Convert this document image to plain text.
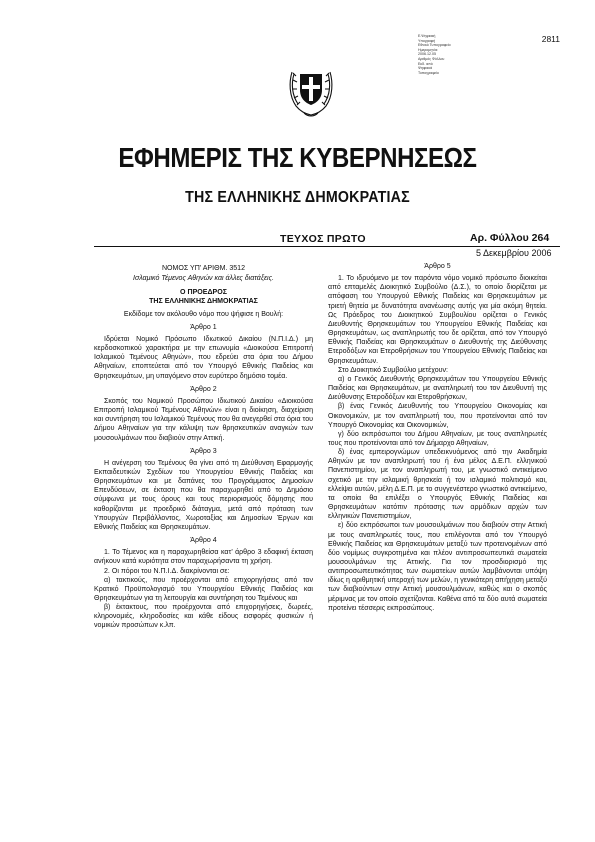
Ε.Ψηφιακή
Υπογραφή
Εθνικό Τυπογραφείο
Ημερομηνία:
2006.12.05
Αριθμός Φύλλου
Εκδ. από
Ψηφιακά
Τυπογραφείο
2811
ΕΦΗΜΕΡΙΣ ΤΗΣ ΚΥΒΕΡΝΗΣΕΩΣ
ΤΗΣ ΕΛΛΗΝΙΚΗΣ ΔΗΜΟΚΡΑΤΙΑΣ
ΤΕΥΧΟΣ ΠΡΩΤΟ	Αρ. Φύλλου 264
5 Δεκεμβρίου 2006

ΝΟΜΟΣ ΥΠ’ ΑΡΙΘΜ. 3512

Ισλαμικό Τέμενος Αθηνών και άλλες διατάξεις.

Ο ΠΡΟΕΔΡΟΣ

ΤΗΣ ΕΛΛΗΝΙΚΗΣ ΔΗΜΟΚΡΑΤΙΑΣ

Εκδίδομε τον ακόλουθο νόμο που ψήφισε η Βουλή:

Άρθρο 1

Ιδρύεται Νομικό Πρόσωπο Ιδιωτικού Δικαίου (Ν.Π.Ι.Δ.) μη κερδοσκοπικού χαρακτήρα με την επωνυμία «Διοικούσα Επιτροπή Ισλαμικού Τεμένους Αθηνών», που εδρεύει στα όρια του Δήμου Αθηναίων, εποπτεύεται από τον Υπουργό Εθνικής Παιδείας και Θρησκευμάτων, μη υπαγόμενο στον ευρύτερο δημόσιο τομέα.

Άρθρο 2

Σκοπός του Νομικού Προσώπου Ιδιωτικού Δικαίου «Διοικούσα Επιτροπή Ισλαμικού Τεμένους Αθηνών» είναι η διοίκηση, διαχείριση και συντήρηση του Ισλαμικού Τεμένους που θα ανεγερθεί στα όρια του Δήμου Αθηναίων για την κάλυψη των θρησκευτικών αναγκών των μουσουλμάνων που διαβιούν στην Αττική.

Άρθρο 3

Η ανέγερση του Τεμένους θα γίνει από τη Διεύθυνση Εφαρμογής Εκπαιδευτικών Σχεδίων του Υπουργείου Εθνικής Παιδείας και Θρησκευμάτων και με δαπάνες του Προγράμματος Δημοσίων Επενδύσεων, σε έκταση που θα παραχωρηθεί από το Δημόσιο σύμφωνα με τους όρους και τους περιορισμούς δόμησης που καθορίζονται με προεδρικό διάταγμα, μετά από πρόταση των Υπουργών Περιβάλλοντος, Χωροταξίας και Δημοσίων Έργων και Εθνικής Παιδείας και Θρησκευμάτων.

Άρθρο 4

1. Το Τέμενος και η παραχωρηθείσα κατ’ άρθρο 3 εδαφική έκταση ανήκουν κατά κυριότητα στον παραχωρήσαντα τη χρήση.

2. Οι πόροι του Ν.Π.Ι.Δ. διακρίνονται σε:

α) τακτικούς, που προέρχονται από επιχορηγήσεις από τον Κρατικό Προϋπολογισμό του Υπουργείου Εθνικής Παιδείας και Θρησκευμάτων για τη λειτουργία και συντήρηση του Τεμένους και

β) έκτακτους, που προέρχονται από επιχορηγήσεις, δωρεές, κληρονομιές, κληροδοσίες και κάθε είδους εισφορές φυσικών ή νομικών προσώπων κ.λπ.

Άρθρο 5

1. Το ιδρυόμενο με τον παρόντα νόμο νομικό πρόσωπο διοικείται από επταμελές Διοικητικό Συμβούλιο (Δ.Σ.), το οποίο διορίζεται με απόφαση του Υπουργού Εθνικής Παιδείας και Θρησκευμάτων με τριετή θητεία με δυνατότητα ανανέωσης αυτής για μία ακόμη θητεία. Ως Πρόεδρος του Διοικητικού Συμβουλίου ορίζεται ο Γενικός Διευθυντής Θρησκευμάτων του Υπουργείου Εθνικής Παιδείας και Θρησκευμάτων, ως αναπληρωτής του δε ορίζεται, από τον Υπουργό Εθνικής Παιδείας και Θρησκευμάτων ο Διευθυντής της Διεύθυνσης Ετεροδόξων και Ετεροθρήσκων του Υπουργείου Εθνικής Παιδείας και Θρησκευμάτων.

Στο Διοικητικό Συμβούλιο μετέχουν:

α) ο Γενικός Διευθυντής Θρησκευμάτων του Υπουργείου Εθνικής Παιδείας και Θρησκευμάτων, με αναπληρωτή του τον Διευθυντή της Διεύθυνσης Ετεροδόξων και Ετεροθρήσκων,

β) ένας Γενικός Διευθυντής του Υπουργείου Οικονομίας και Οικονομικών, με τον αναπληρωτή του, που προτείνονται από τον Υπουργό Οικονομίας και Οικονομικών,

γ) δύο εκπρόσωποι του Δήμου Αθηναίων, με τους αναπληρωτές τους που προτείνονται από τον Δήμαρχο Αθηναίων,

δ) ένας εμπειρογνώμων υπεδεικνυόμενος από την Ακαδημία Αθηνών με τον αναπληρωτή του ή ένα μέλος Δ.Ε.Π. ελληνικού Πανεπιστημίου, με τον αναπληρωτή του, με γνωστικό αντικείμενο σχετικό με την ισλαμική θρησκεία ή τον ισλαμικό πολιτισμό και, ελλείψει αυτών, μέλη Δ.Ε.Π. με το συγγενέστερο γνωστικό αντικείμενο, τα οποία θα επιλέξει ο Υπουργός Εθνικής Παιδείας και Θρησκευμάτων κατόπιν πρότασης των αρμόδιων αρχών των ελληνικών Πανεπιστημίων,

ε) δύο εκπρόσωποι των μουσουλμάνων που διαβιούν στην Αττική με τους αναπληρωτές τους, που επιλέγονται από τον Υπουργό Εθνικής Παιδείας και Θρησκευμάτων μεταξύ των προτεινομένων από δύο νομίμως συγκροτημένα και πλέον αντιπροσωπευτικά σωματεία μουσουλμάνων της Αττικής. Για τον προσδιορισμό της αντιπροσωπευτικότητας των σωματείων αυτών λαμβάνονται υπόψη ιδίως η αριθμητική υπεροχή των μελών, η γενικότερη απήχηση μεταξύ των διαβιούντων στην Αττική μουσουλμάνων, καθώς και ο σκοπός μέριμνας με τον οποίο σχετίζονται. Καθένα από τα δύο αυτά σωματεία προτείνει τέσσερις εκπροσώπους.
